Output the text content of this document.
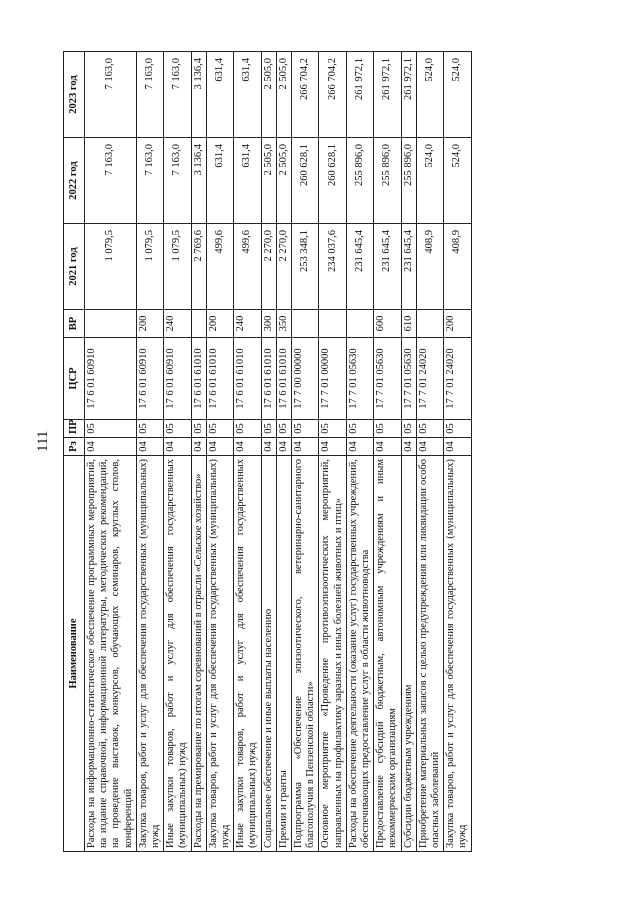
111
Наименование	Рз	ПР	ЦСР	ВР	2021 год	2022 год	2023 год
Расходы на информационно-статистическое обеспечение программных мероприятий, на издание справочной, информационной литературы, методических рекомендаций, на проведение выставок, конкурсов, обучающих семинаров, круглых столов, конференций	04	05	17 6 01 60910		1 079,5	7 163,0	7 163,0
Закупка товаров, работ и услуг для обеспечения государственных (муниципальных) нужд	04	05	17 6 01 60910	200	1 079,5	7 163,0	7 163,0
Иные закупки товаров, работ и услуг для обеспечения государственных (муниципальных) нужд	04	05	17 6 01 60910	240	1 079,5	7 163,0	7 163,0
Расходы на премирование по итогам соревнований в отрасли «Сельское хозяйство»	04	05	17 6 01 61010		2 769,6	3 136,4	3 136,4
Закупка товаров, работ и услуг для обеспечения государственных (муниципальных) нужд	04	05	17 6 01 61010	200	499,6	631,4	631,4
Иные закупки товаров, работ и услуг для обеспечения государственных (муниципальных) нужд	04	05	17 6 01 61010	240	499,6	631,4	631,4
Социальное обеспечение и иные выплаты населению	04	05	17 6 01 61010	300	2 270,0	2 505,0	2 505,0
Премии и гранты	04	05	17 6 01 61010	350	2 270,0	2 505,0	2 505,0
Подпрограмма «Обеспечение эпизоотического, ветеринарно-санитарного благополучия в Пензенской области»	04	05	17 7 00 00000		253 348,1	260 628,1	266 704,2
Основное мероприятие «Проведение противоэпизоотических мероприятий, направленных на профилактику заразных и иных болезней животных и птиц»	04	05	17 7 01 00000		234 037,6	260 628,1	266 704,2
Расходы на обеспечение деятельности (оказание услуг) государственных учреждений, обеспечивающих предоставление услуг в области животноводства	04	05	17 7 01 05630		231 645,4	255 896,0	261 972,1
Предоставление субсидий бюджетным, автономным учреждениям и иным некоммерческим организациям	04	05	17 7 01 05630	600	231 645,4	255 896,0	261 972,1
Субсидии бюджетным учреждениям	04	05	17 7 01 05630	610	231 645,4	255 896,0	261 972,1
Приобретение материальных запасов с целью предупреждения или ликвидации особо опасных заболеваний	04	05	17 7 01 24020		408,9	524,0	524,0
Закупка товаров, работ и услуг для обеспечения государственных (муниципальных) нужд	04	05	17 7 01 24020	200	408,9	524,0	524,0
